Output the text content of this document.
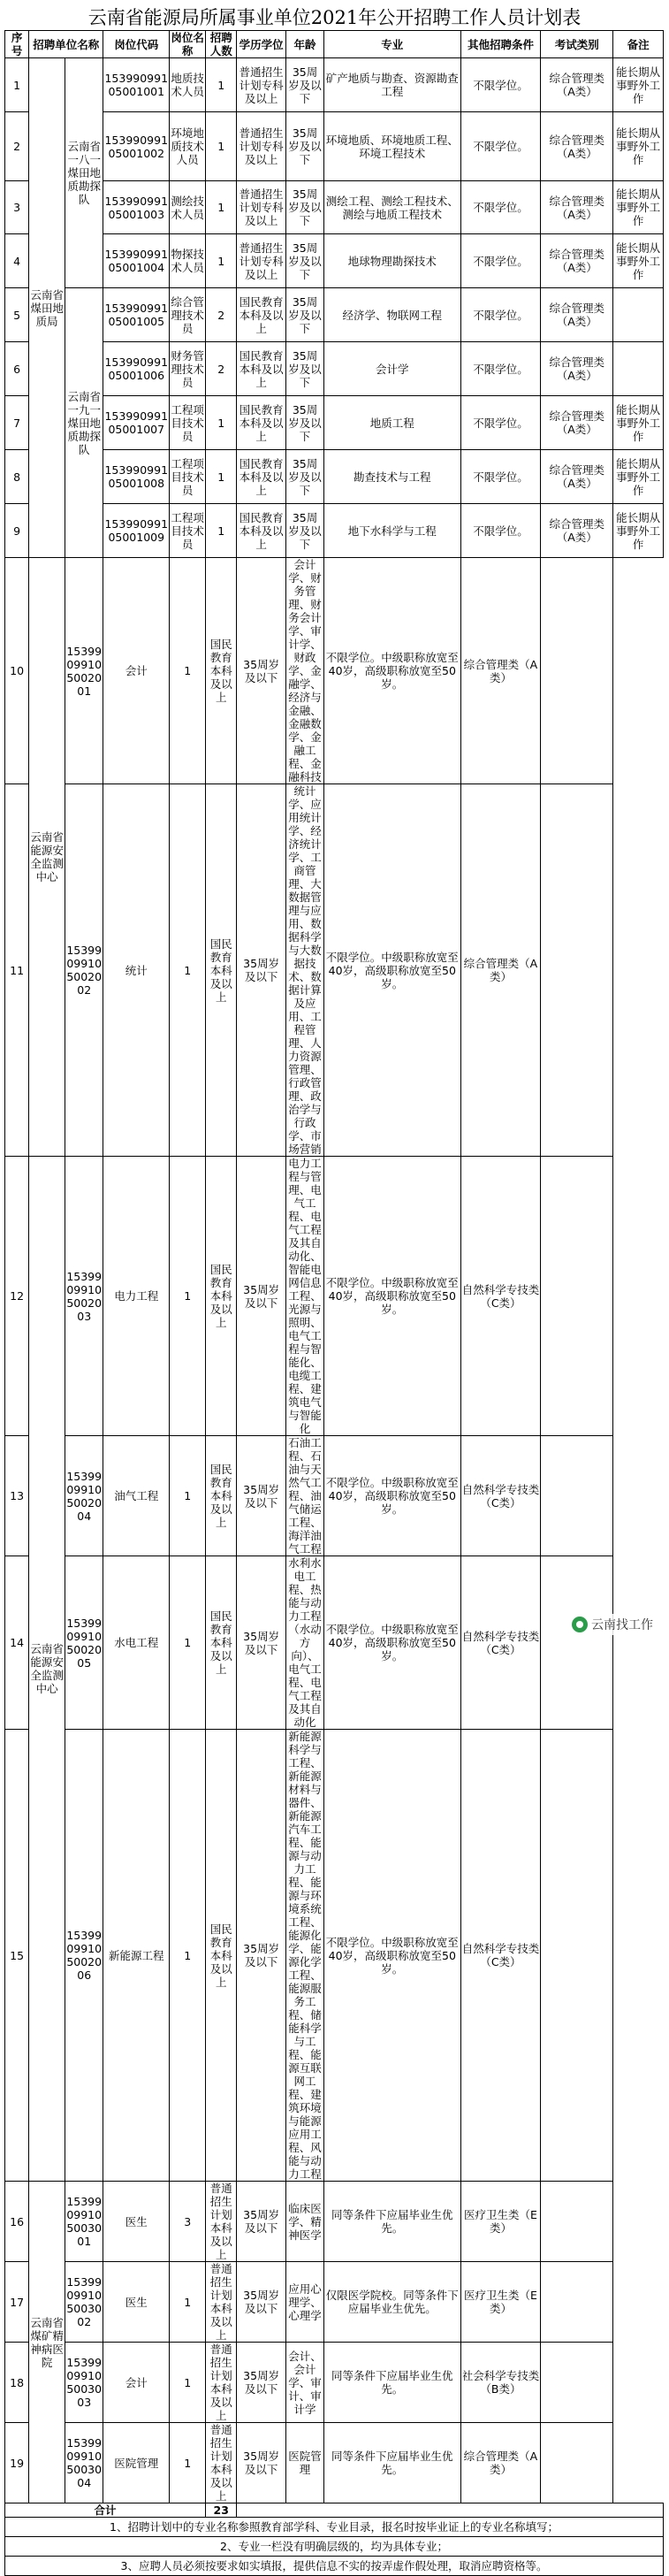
云南省能源局所属事业单位2021年公开招聘工作人员计划表
序号	招聘单位名称		岗位代码	岗位名称	招聘人数	学历学位	年龄	专业	其他招聘条件	考试类别	备注
1	云南省煤田地质局	云南省一八一煤田地质勘探队	15399099105001001	地质技术人员	1	普通招生计划专科及以上	35周岁及以下	矿产地质与勘查、资源勘查工程	不限学位。	综合管理类（A类）	能长期从事野外工作
2			15399099105001002	环境地质技术人员	1	普通招生计划专科及以上	35周岁及以下	环境地质、环境地质工程、环境工程技术	不限学位。	综合管理类（A类）	能长期从事野外工作
3			15399099105001003	测绘技术人员	1	普通招生计划专科及以上	35周岁及以下	测绘工程、测绘工程技术、测绘与地质工程技术	不限学位。	综合管理类（A类）	能长期从事野外工作
4			15399099105001004	物探技术人员	1	普通招生计划专科及以上	35周岁及以下	地球物理勘探技术	不限学位。	综合管理类（A类）	能长期从事野外工作
5		云南省一九一煤田地质勘探队	15399099105001005	综合管理技术员	2	国民教育本科及以上	35周岁及以下	经济学、物联网工程	不限学位。	综合管理类（A类）	
6			15399099105001006	财务管理技术员	2	国民教育本科及以上	35周岁及以下	会计学	不限学位。	综合管理类（A类）	
7			15399099105001007	工程项目技术员	1	国民教育本科及以上	35周岁及以下	地质工程	不限学位。	综合管理类（A类）	能长期从事野外工作
8			15399099105001008	工程项目技术员	1	国民教育本科及以上	35周岁及以下	勘查技术与工程	不限学位。	综合管理类（A类）	能长期从事野外工作
9			15399099105001009	工程项目技术员	1	国民教育本科及以上	35周岁及以下	地下水科学与工程	不限学位。	综合管理类（A类）	能长期从事野外工作
10	云南省能源安全监测中心	15399099105002001	会计	1	国民教育本科及以上	35周岁及以下	会计学、财务管理、财务会计学、审计学、财政学、金融学、经济与金融、金融数学、金融工程、金融科技	不限学位。中级职称放宽至40岁，高级职称放宽至50岁。	综合管理类（A类）		
11		15399099105002002	统计	1	国民教育本科及以上	35周岁及以下	统计学、应用统计学、经济统计学、工商管理、大数据管理与应用、数据科学与大数据技术、数据计算及应用、工程管理、人力资源管理、行政管理、政治学与行政学、市场营销	不限学位。中级职称放宽至40岁，高级职称放宽至50岁。	综合管理类（A类）		
12	云南省能源安全监测中心	15399099105002003	电力工程	1	国民教育本科及以上	35周岁及以下	电力工程与管理、电气工程、电气工程及其自动化、智能电网信息工程、光源与照明、电气工程与智能化、电缆工程、建筑电气与智能化	不限学位。中级职称放宽至40岁，高级职称放宽至50岁。	自然科学专技类（C类）		
13		15399099105002004	油气工程	1	国民教育本科及以上	35周岁及以下	石油工程、石油与天然气工程、油气储运工程、海洋油气工程	不限学位。中级职称放宽至40岁，高级职称放宽至50岁。	自然科学专技类（C类）		
14		15399099105002005	水电工程	1	国民教育本科及以上	35周岁及以下	水利水电工程、热能与动力工程（水动方向）、电气工程、电气工程及其自动化	不限学位。中级职称放宽至40岁，高级职称放宽至50岁。	自然科学专技类（C类）		
15		15399099105002006	新能源工程	1	国民教育本科及以上	35周岁及以下	新能源科学与工程、新能源材料与器件、新能源汽车工程、能源与动力工程、能源与环境系统工程、能源化学、能源化学工程、能源服务工程、储能科学与工程、能源互联网工程、建筑环境与能源应用工程、风能与动力工程	不限学位。中级职称放宽至40岁，高级职称放宽至50岁。	自然科学专技类（C类）		
16	云南省煤矿精神病医院	15399099105003001	医生	3	普通招生计划本科及以上	35周岁及以下	临床医学、精神医学	同等条件下应届毕业生优先。	医疗卫生类（E类）		
17		15399099105003002	医生	1	普通招生计划本科及以上	35周岁及以下	应用心理学、心理学	仅限医学院校。同等条件下应届毕业生优先。	医疗卫生类（E类）		
18		15399099105003003	会计	1	普通招生计划本科及以上	35周岁及以下	会计、会计学、审计、审计学	同等条件下应届毕业生优先。	社会科学专技类（B类）		
19		15399099105003004	医院管理	1	普通招生计划本科及以上	35周岁及以下	医院管理	同等条件下应届毕业生优先。	综合管理类（A类）		
合计					23						
1、招聘计划中的专业名称参照教育部学科、专业目录，报名时按毕业证上的专业名称填写；											
2、专业一栏没有明确层级的，均为具体专业；											
3、应聘人员必须按要求如实填报，提供信息不实的按弄虚作假处理，取消应聘资格等。											
云南找工作
